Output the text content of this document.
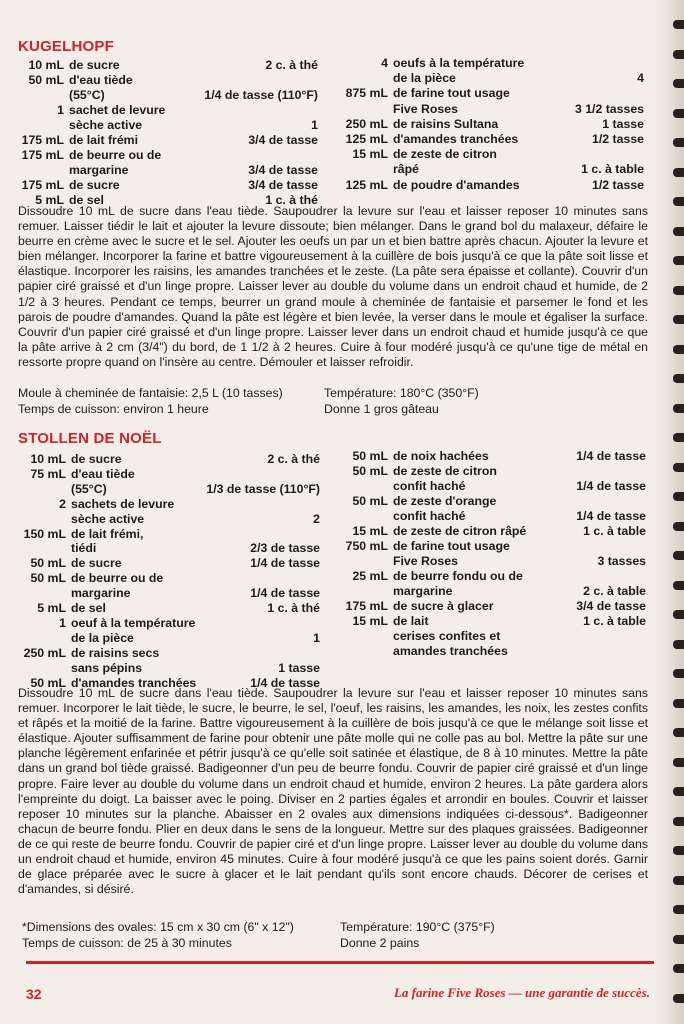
KUGELHOPF
10 mL de sucre	2 c. à thé
50 mL d'eau tiède
(55°C)	1/4 de tasse (110°F)
1 sachet de levure
sèche active	1
175 mL de lait frémi	3/4 de tasse
175 mL de beurre ou de
margarine	3/4 de tasse
175 mL de sucre	3/4 de tasse
5 mL de sel	1 c. à thé
4 oeufs à la température
de la pièce	4
875 mL de farine tout usage
Five Roses	3 1/2 tasses
250 mL de raisins Sultana	1 tasse
125 mL d'amandes tranchées	1/2 tasse
15 mL de zeste de citron
râpé	1 c. à table
125 mL de poudre d'amandes	1/2 tasse

Dissoudre 10 mL de sucre dans l'eau tiède. Saupoudrer la levure sur l'eau et laisser reposer 10 minutes sans remuer. Laisser tiédir le lait et ajouter la levure dissoute; bien mélanger. Dans le grand bol du malaxeur, défaire le beurre en crème avec le sucre et le sel. Ajouter les oeufs un par un et bien battre après chacun. Ajouter la levure et bien mélanger. Incorporer la farine et battre vigoureusement à la cuillère de bois jusqu'à ce que la pâte soit lisse et élastique. Incorporer les raisins, les amandes tranchées et le zeste. (La pâte sera épaisse et collante). Couvrir d'un papier ciré graissé et d'un linge propre. Laisser lever au double du volume dans un endroit chaud et humide, de 2 1/2 à 3 heures. Pendant ce temps, beurrer un grand moule à cheminée de fantaisie et parsemer le fond et les parois de poudre d'amandes. Quand la pâte est légère et bien levée, la verser dans le moule et égaliser la surface. Couvrir d'un papier ciré graissé et d'un linge propre. Laisser lever dans un endroit chaud et humide jusqu'à ce que la pâte arrive à 2 cm (3/4") du bord, de 1 1/2 à 2 heures. Cuire à four modéré jusqu'à ce qu'une tige de métal en ressorte propre quand on l'insère au centre. Démouler et laisser refroidir.

Moule à cheminée de fantaisie: 2,5 L (10 tasses)	Température: 180°C (350°F)
Temps de cuisson: environ 1 heure	Donne 1 gros gâteau
STOLLEN DE NOËL
10 mL de sucre	2 c. à thé
75 mL d'eau tiède
(55°C)	1/3 de tasse (110°F)
2 sachets de levure
sèche active	2
150 mL de lait frémi,
tiédi	2/3 de tasse
50 mL de sucre	1/4 de tasse
50 mL de beurre ou de
margarine	1/4 de tasse
5 mL de sel	1 c. à thé
1 oeuf à la température
de la pièce	1
250 mL de raisins secs
sans pépins	1 tasse
50 mL d'amandes tranchées	1/4 de tasse
50 mL de noix hachées	1/4 de tasse
50 mL de zeste de citron
confit haché	1/4 de tasse
50 mL de zeste d'orange
confit haché	1/4 de tasse
15 mL de zeste de citron râpé	1 c. à table
750 mL de farine tout usage
Five Roses	3 tasses
25 mL de beurre fondu ou de
margarine	2 c. à table
175 mL de sucre à glacer	3/4 de tasse
15 mL de lait	1 c. à table
cerises confites et
amandes tranchées

Dissoudre 10 mL de sucre dans l'eau tiède. Saupoudrer la levure sur l'eau et laisser reposer 10 minutes sans remuer. Incorporer le lait tiède, le sucre, le beurre, le sel, l'oeuf, les raisins, les amandes, les noix, les zestes confits et râpés et la moitié de la farine. Battre vigoureusement à la cuillère de bois jusqu'à ce que le mélange soit lisse et élastique. Ajouter suffisamment de farine pour obtenir une pâte molle qui ne colle pas au bol. Mettre la pâte sur une planche légèrement enfarinée et pétrir jusqu'à ce qu'elle soit satinée et élastique, de 8 à 10 minutes. Mettre la pâte dans un grand bol tiède graissé. Badigeonner d'un peu de beurre fondu. Couvrir de papier ciré graissé et d'un linge propre. Faire lever au double du volume dans un endroit chaud et humide, environ 2 heures. La pâte gardera alors l'empreinte du doigt. La baisser avec le poing. Diviser en 2 parties égales et arrondir en boules. Couvrir et laisser reposer 10 minutes sur la planche. Abaisser en 2 ovales aux dimensions indiquées ci-dessous*. Badigeonner chacun de beurre fondu. Plier en deux dans le sens de la longueur. Mettre sur des plaques graissées. Badigeonner de ce qui reste de beurre fondu. Couvrir de papier ciré et d'un linge propre. Laisser lever au double du volume dans un endroit chaud et humide, environ 45 minutes. Cuire à four modéré jusqu'à ce que les pains soient dorés. Garnir de glace préparée avec le sucre à glacer et le lait pendant qu'ils sont encore chauds. Décorer de cerises et d'amandes, si désiré.

*Dimensions des ovales: 15 cm x 30 cm (6" x 12")	Température: 190°C (375°F)
Temps de cuisson: de 25 à 30 minutes	Donne 2 pains
32	La farine Five Roses — une garantie de succès.
